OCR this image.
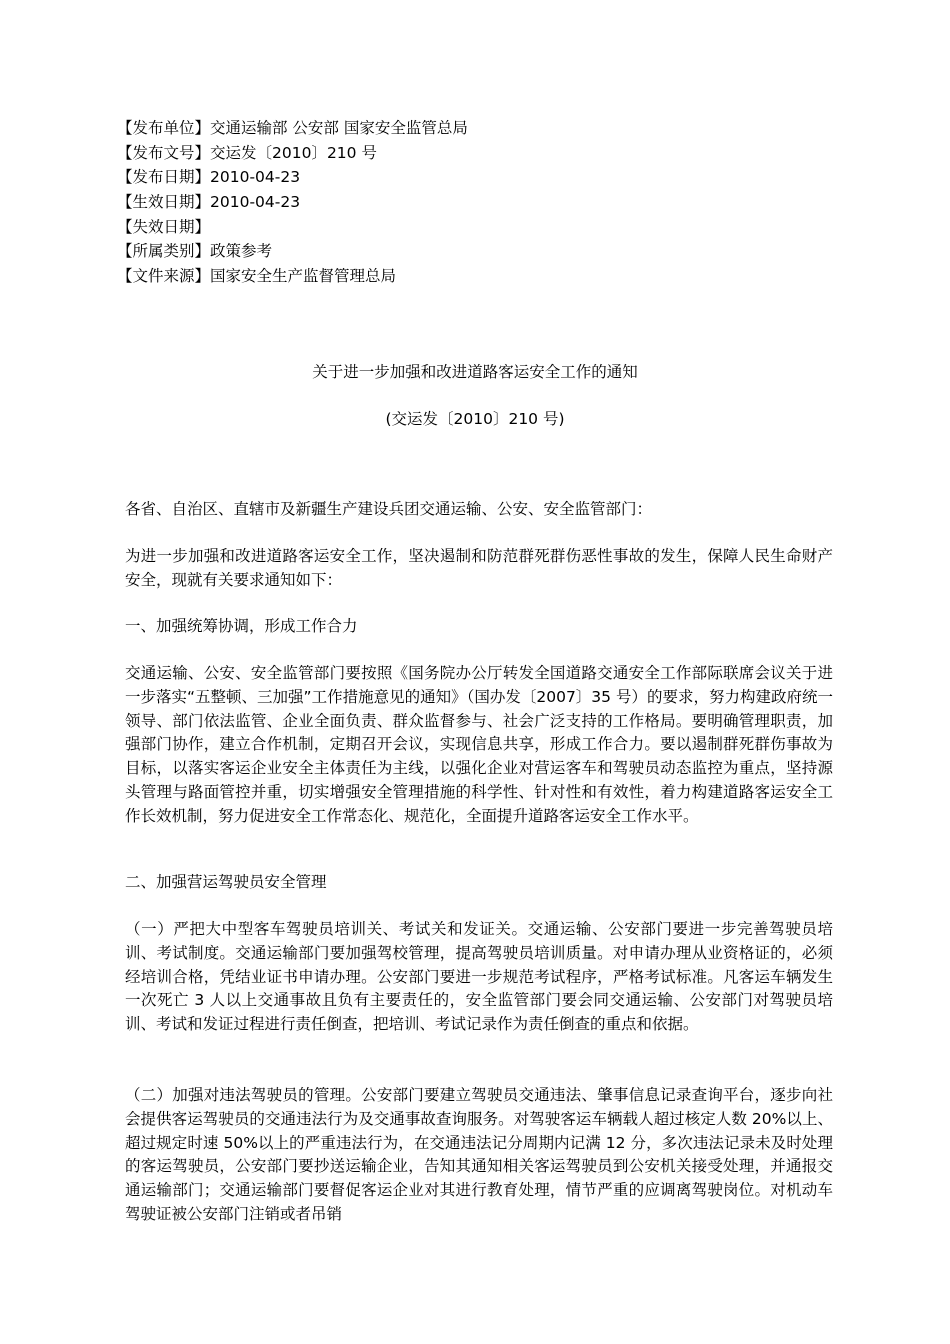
【发布单位】交通运输部 公安部 国家安全监管总局
【发布文号】交运发〔2010〕210 号
【发布日期】2010-04-23
【生效日期】2010-04-23
【失效日期】
【所属类别】政策参考
【文件来源】国家安全生产监督管理总局
关于进一步加强和改进道路客运安全工作的通知
(交运发〔2010〕210 号)
各省、自治区、直辖市及新疆生产建设兵团交通运输、公安、安全监管部门：
为进一步加强和改进道路客运安全工作，坚决遏制和防范群死群伤恶性事故的发生，保障人民生命财产安全，现就有关要求通知如下：
一、加强统筹协调，形成工作合力
交通运输、公安、安全监管部门要按照《国务院办公厅转发全国道路交通安全工作部际联席会议关于进一步落实“五整顿、三加强”工作措施意见的通知》（国办发〔2007〕35 号）的要求，努力构建政府统一领导、部门依法监管、企业全面负责、群众监督参与、社会广泛支持的工作格局。要明确管理职责，加强部门协作，建立合作机制，定期召开会议，实现信息共享，形成工作合力。要以遏制群死群伤事故为目标，以落实客运企业安全主体责任为主线，以强化企业对营运客车和驾驶员动态监控为重点，坚持源头管理与路面管控并重，切实增强安全管理措施的科学性、针对性和有效性，着力构建道路客运安全工作长效机制，努力促进安全工作常态化、规范化，全面提升道路客运安全工作水平。
二、加强营运驾驶员安全管理
（一）严把大中型客车驾驶员培训关、考试关和发证关。交通运输、公安部门要进一步完善驾驶员培训、考试制度。交通运输部门要加强驾校管理，提高驾驶员培训质量。对申请办理从业资格证的，必须经培训合格，凭结业证书申请办理。公安部门要进一步规范考试程序，严格考试标准。凡客运车辆发生一次死亡 3 人以上交通事故且负有主要责任的，安全监管部门要会同交通运输、公安部门对驾驶员培训、考试和发证过程进行责任倒查，把培训、考试记录作为责任倒查的重点和依据。
（二）加强对违法驾驶员的管理。公安部门要建立驾驶员交通违法、肇事信息记录查询平台，逐步向社会提供客运驾驶员的交通违法行为及交通事故查询服务。对驾驶客运车辆载人超过核定人数 20%以上、超过规定时速 50%以上的严重违法行为，在交通违法记分周期内记满 12 分，多次违法记录未及时处理的客运驾驶员，公安部门要抄送运输企业，告知其通知相关客运驾驶员到公安机关接受处理，并通报交通运输部门；交通运输部门要督促客运企业对其进行教育处理，情节严重的应调离驾驶岗位。对机动车驾驶证被公安部门注销或者吊销
